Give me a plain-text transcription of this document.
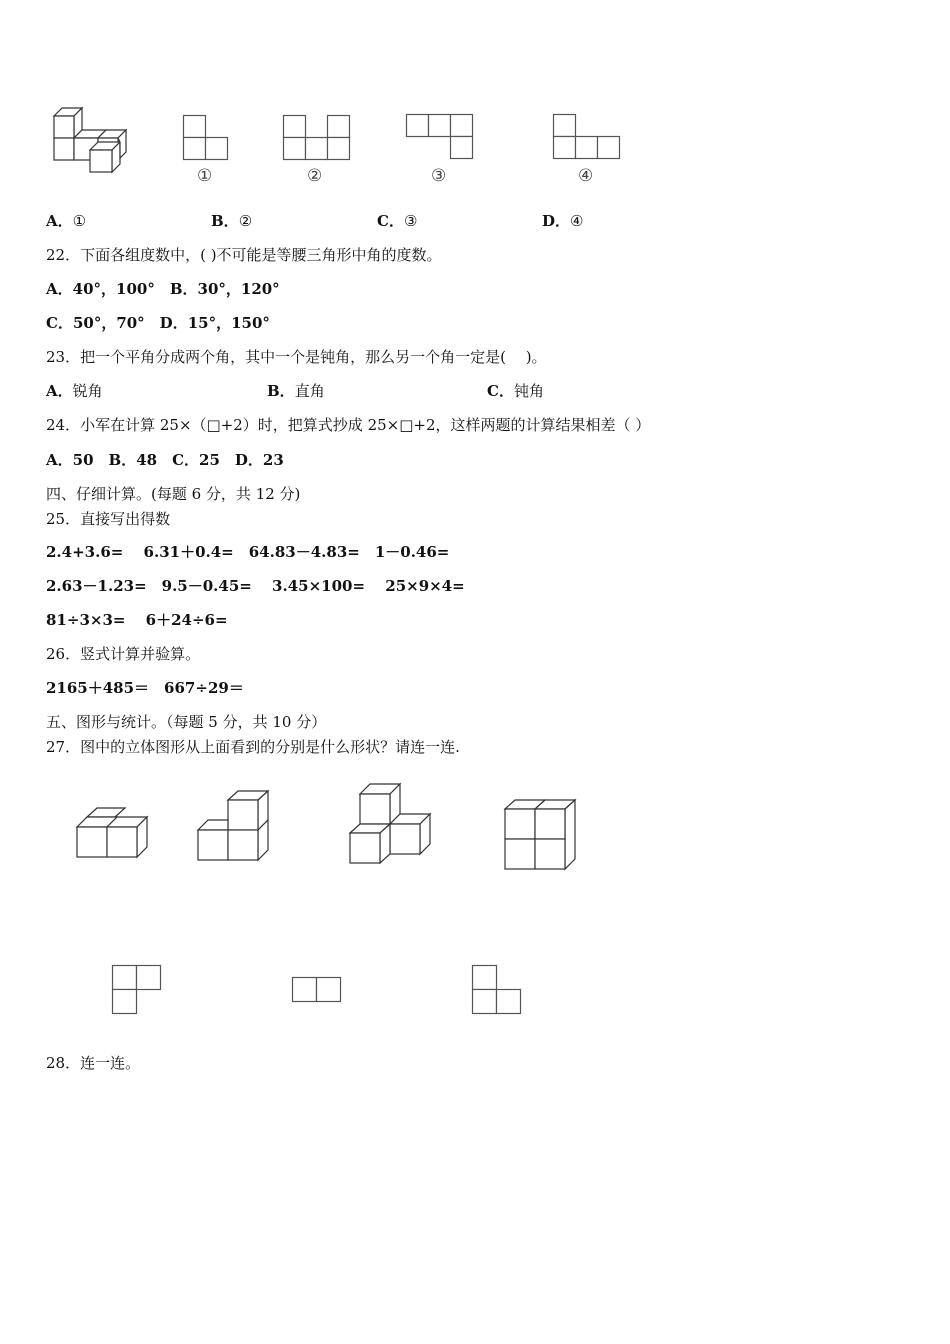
①	②	③	④
A．①	B．②	C．③	D．④
22．下面各组度数中，( )不可能是等腰三角形中角的度数。
A．40°，100°　B．30°，120°
C．50°，70°　D．15°，150°
23．把一个平角分成两个角，其中一个是钝角，那么另一个角一定是(　 )。
A．锐角	B．直角	C．钝角
24．小军在计算 25×（□+2）时，把算式抄成 25×□+2，这样两题的计算结果相差（ ）
A．50　B．48　C．25　D．23
四、仔细计算。(每题 6 分，共 12 分)
25．直接写出得数
2.4+3.6=　 6.31＋0.4=　64.83－4.83=　1－0.46=
2.63－1.23=　9.5－0.45=　 3.45×100=　 25×9×4=
81÷3×3=　 6＋24÷6=
26．竖式计算并验算。
2165＋485＝　667÷29＝
五、图形与统计。（每题 5 分，共 10 分）
27．图中的立体图形从上面看到的分别是什么形状？请连一连.
28．连一连。
